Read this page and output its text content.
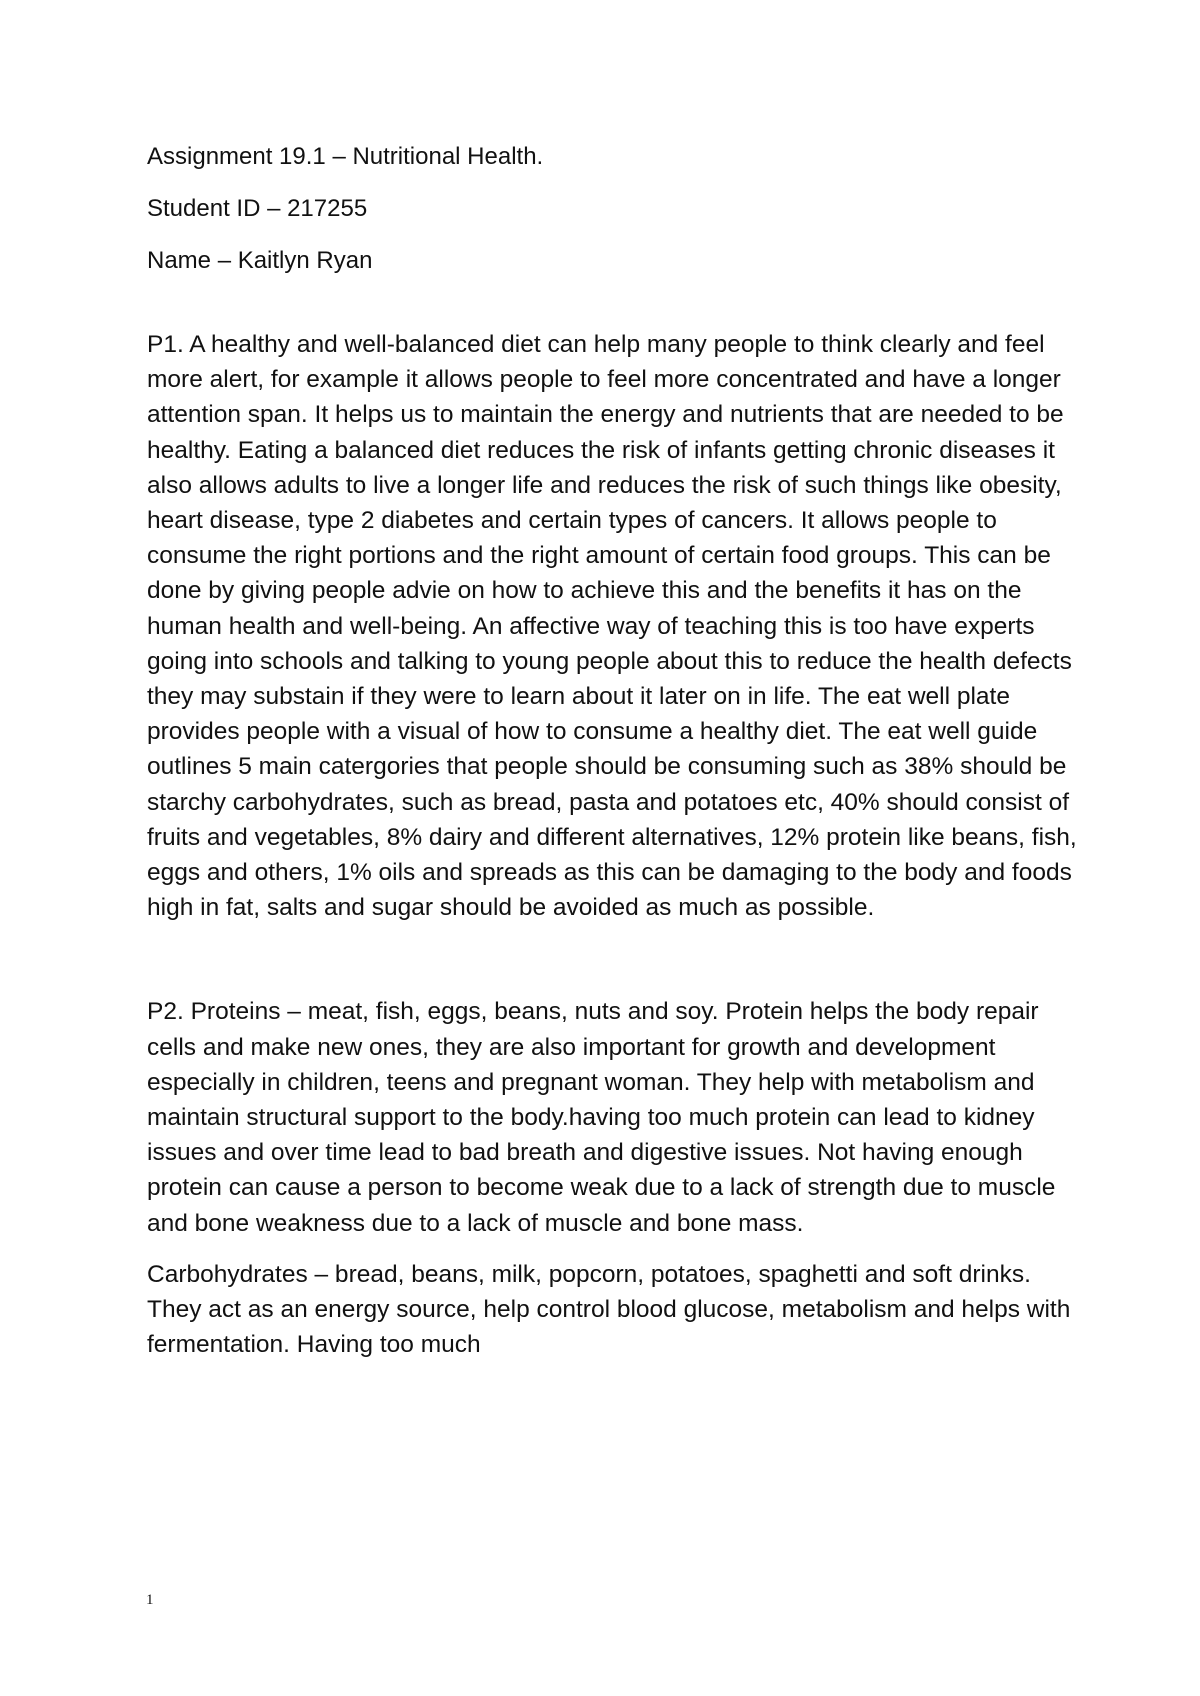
Assignment 19.1 – Nutritional Health.
Student ID – 217255
Name – Kaitlyn Ryan

P1. A healthy and well-balanced diet can help many people to think clearly and feel more alert, for example it allows people to feel more concentrated and have a longer attention span. It helps us to maintain the energy and nutrients that are needed to be healthy. Eating a balanced diet reduces the risk of infants getting chronic diseases it also allows adults to live a longer life and reduces the risk of such things like obesity, heart disease, type 2 diabetes and certain types of cancers. It allows people to consume the right portions and the right amount of certain food groups. This can be done by giving people advie on how to achieve this and the benefits it has on the human health and well-being. An affective way of teaching this is too have experts going into schools and talking to young people about this to reduce the health defects they may substain if they were to learn about it later on in life. The eat well plate provides people with a visual of how to consume a healthy diet. The eat well guide outlines 5 main catergories that people should be consuming such as 38% should be starchy carbohydrates, such as bread, pasta and potatoes etc, 40% should consist of fruits and vegetables, 8% dairy and different alternatives, 12% protein like beans, fish, eggs and others, 1% oils and spreads as this can be damaging to the body and foods high in fat, salts and sugar should be avoided as much as possible.

P2. Proteins – meat, fish, eggs, beans, nuts and soy. Protein helps the body repair cells and make new ones, they are also important for growth and development especially in children, teens and pregnant woman. They help with metabolism and maintain structural support to the body.having too much protein can lead to kidney issues and over time lead to bad breath and digestive issues. Not having enough protein can cause a person to become weak due to a lack of strength due to muscle and bone weakness due to a lack of muscle and bone mass.

Carbohydrates – bread, beans, milk, popcorn, potatoes, spaghetti and soft drinks. They act as an energy source, help control blood glucose, metabolism and helps with fermentation. Having too much

1
